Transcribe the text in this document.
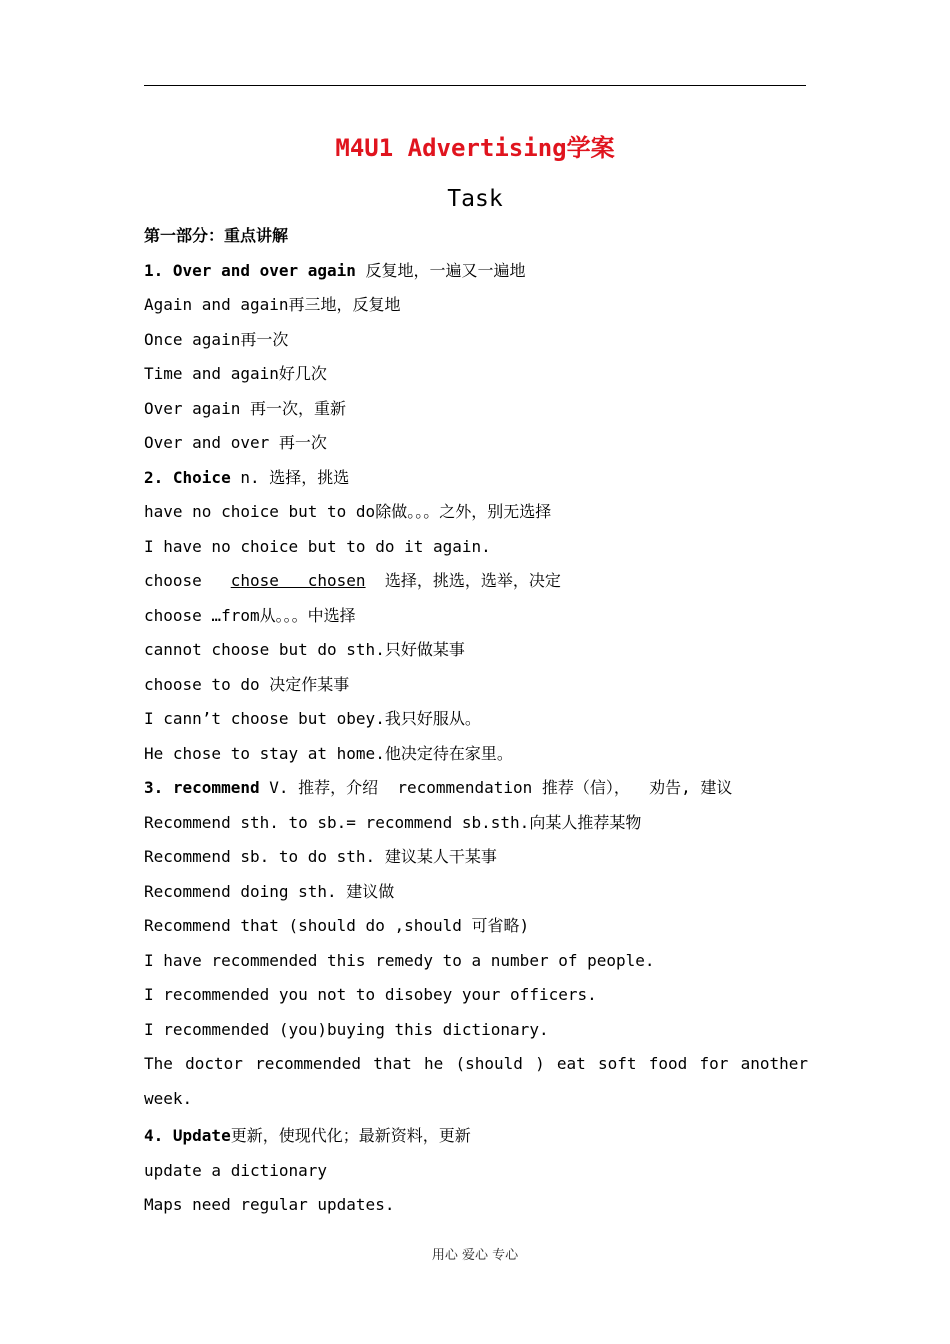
M4U1 Advertising学案
Task
第一部分：重点讲解
1. Over and over again 反复地，一遍又一遍地
Again and again再三地，反复地
Once again再一次
Time and again好几次
Over again 再一次，重新
Over and over 再一次
2. Choice n. 选择，挑选
have no choice but to do除做。。。之外，别无选择
I have no choice but to do it again.
choose   chose   chosen  选择，挑选，选举，决定
choose …from从。。。中选择
cannot choose but do sth.只好做某事
choose to do 决定作某事
I cann’t choose but obey.我只好服从。
He chose to stay at home.他决定待在家里。
3. recommend V. 推荐，介绍  recommendation 推荐（信），  劝告, 建议
Recommend sth. to sb.= recommend sb.sth.向某人推荐某物
Recommend sb. to do sth. 建议某人干某事
Recommend doing sth. 建议做
Recommend that (should do ,should 可省略)
I have recommended this remedy to a number of people.
I recommended you not to disobey your officers.
I recommended (you)buying this dictionary.
The doctor recommended that he (should ) eat soft food for another
week.
4. Update更新，使现代化；最新资料，更新
update a dictionary
Maps need regular updates.
用心 爱心 专心
